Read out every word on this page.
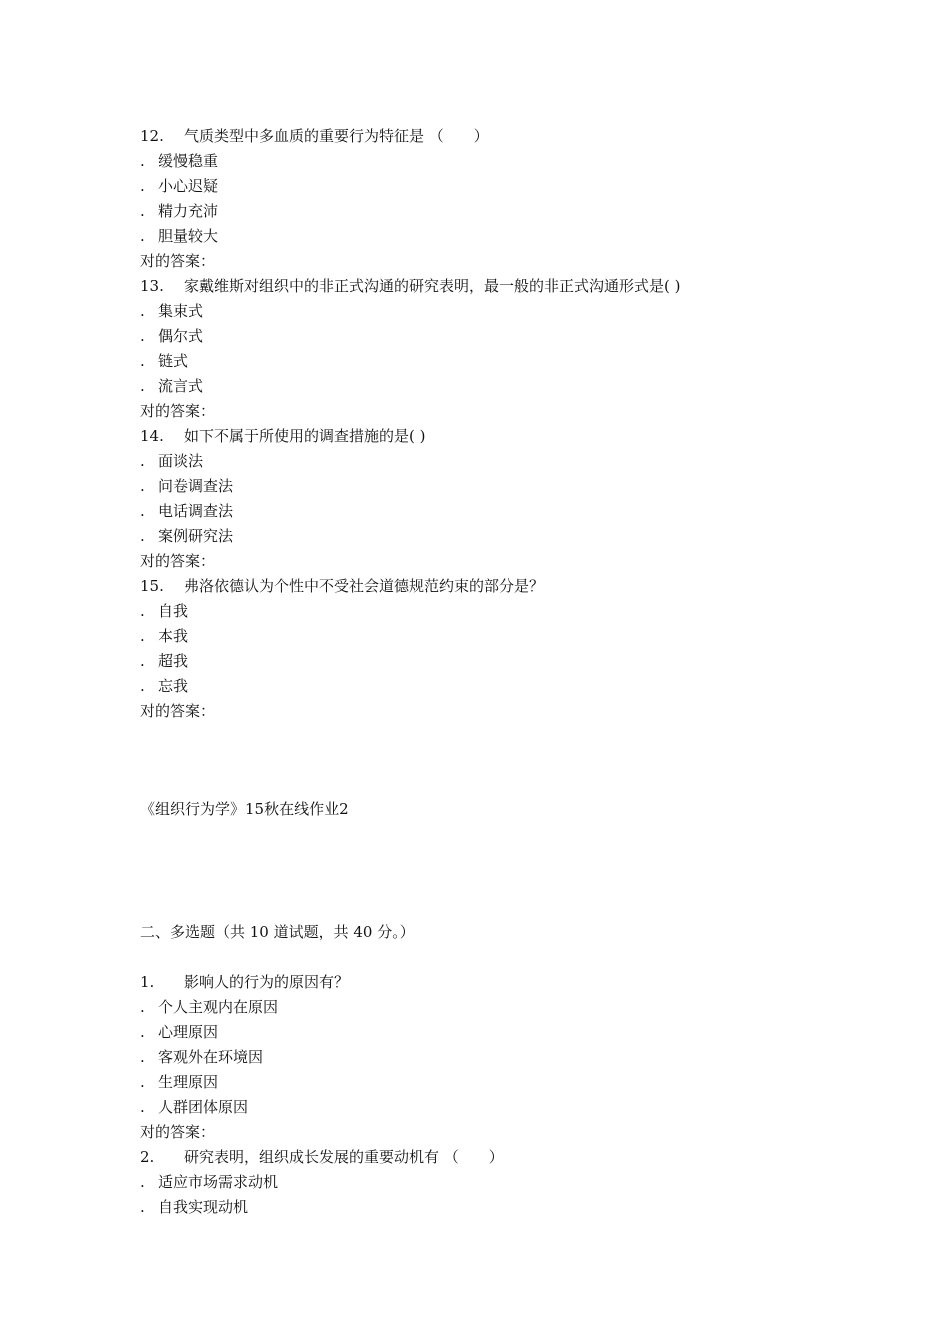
12. 气质类型中多血质的重要行为特征是 （　　）
. 缓慢稳重
. 小心迟疑
. 精力充沛
. 胆量较大
对的答案：
13. 家戴维斯对组织中的非正式沟通的研究表明，最一般的非正式沟通形式是( )
. 集束式
. 偶尔式
. 链式
. 流言式
对的答案：
14. 如下不属于所使用的调查措施的是( )
. 面谈法
. 问卷调查法
. 电话调查法
. 案例研究法
对的答案：
15. 弗洛依德认为个性中不受社会道德规范约束的部分是？
. 自我
. 本我
. 超我
. 忘我
对的答案：
《组织行为学》15秋在线作业2
二、多选题（共 10 道试题，共 40 分。）
1. 影响人的行为的原因有？
. 个人主观内在原因
. 心理原因
. 客观外在环境因
. 生理原因
. 人群团体原因
对的答案：
2. 研究表明，组织成长发展的重要动机有 （　　）
. 适应市场需求动机
. 自我实现动机
